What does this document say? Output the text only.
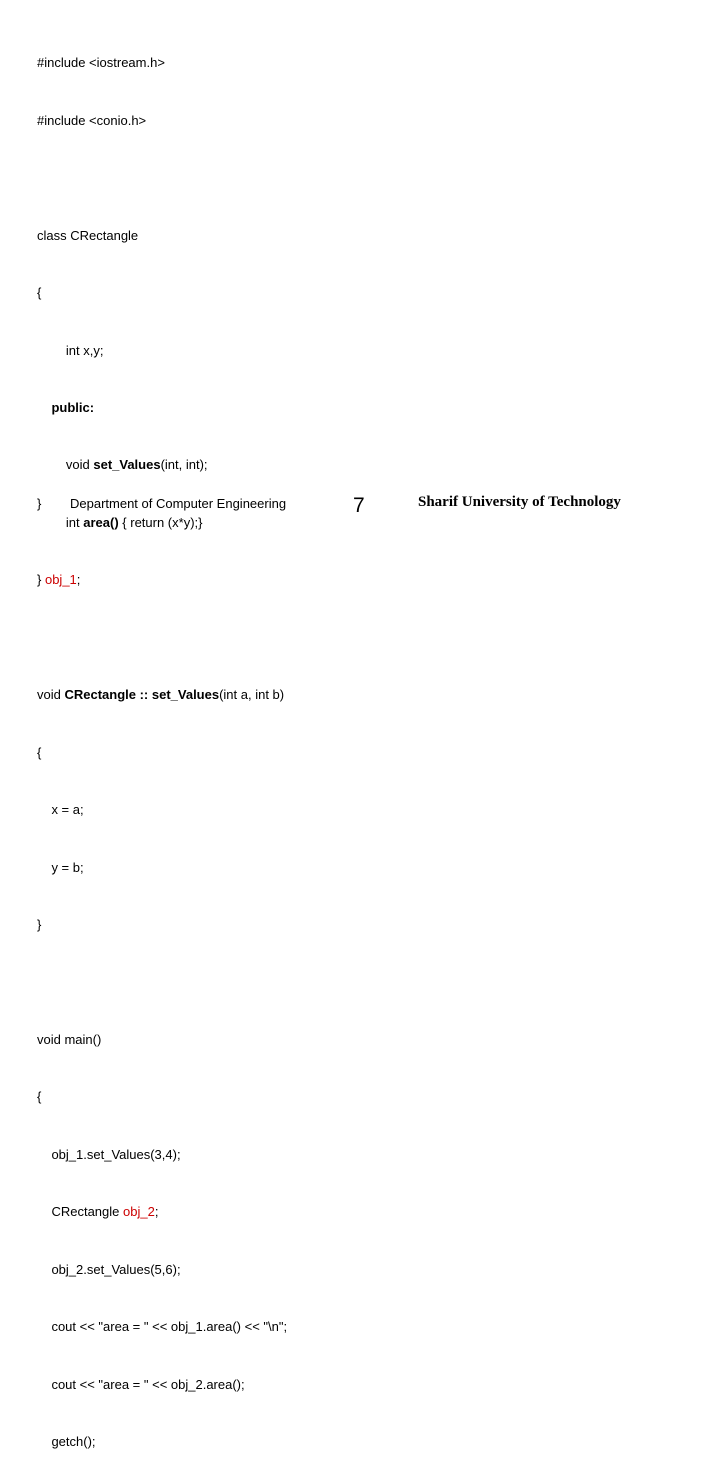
#include <iostream.h>

#include <conio.h>

class CRectangle

{

int x,y;

public:

void set_Values(int, int);

int area() { return (x*y);}

} obj_1;

void CRectangle :: set_Values(int a, int b)

{

x = a;

y = b;

}

void main()

{

obj_1.set_Values(3,4);

CRectangle obj_2;

obj_2.set_Values(5,6);

cout << "area = " << obj_1.area() << "\n";

cout << "area = " << obj_2.area();

getch();

} Department of Computer Engineering	7	Sharif University of Technology
